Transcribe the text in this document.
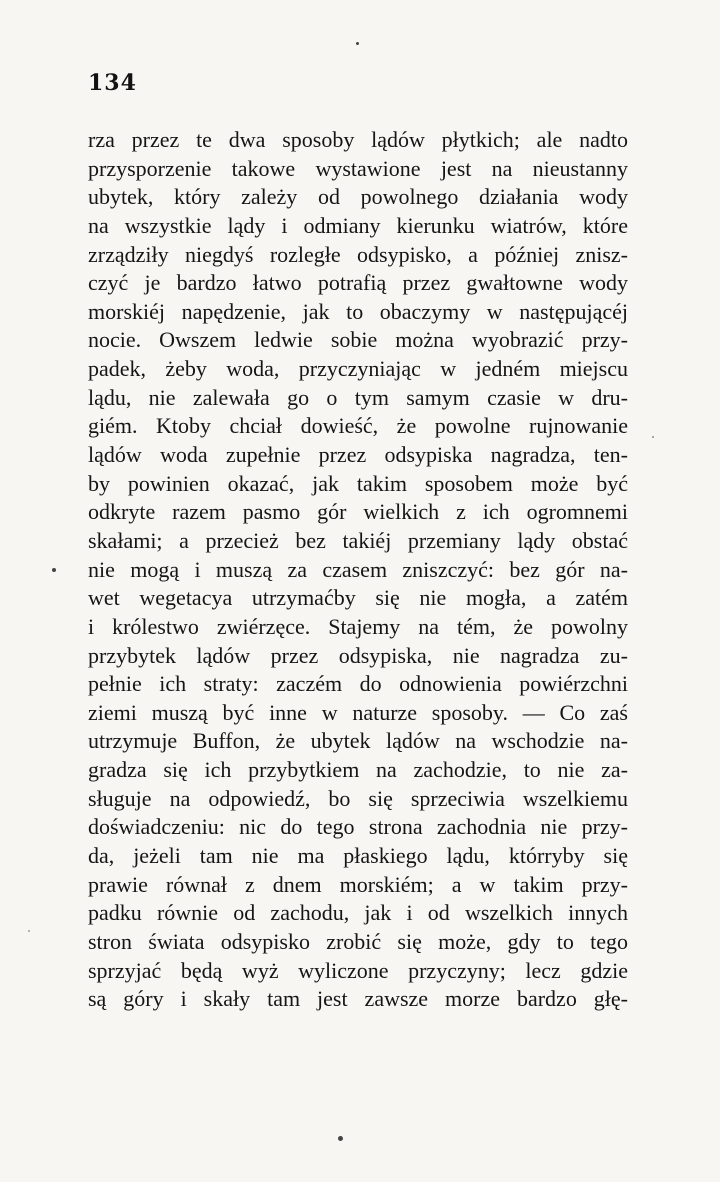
134
rza przez te dwa sposoby lądów płytkich; ale nadto
przysporzenie takowe wystawione jest na nieustanny
ubytek, który zależy od powolnego działania wody
na wszystkie lądy i odmiany kierunku wiatrów, które
zrządziły niegdyś rozległe odsypisko, a później znisz-
czyć je bardzo łatwo potrafią przez gwałtowne wody
morskiéj napędzenie, jak to obaczymy w następującéj
nocie. Owszem ledwie sobie można wyobrazić przy-
padek, żeby woda, przyczyniając w jedném miejscu
lądu, nie zalewała go o tym samym czasie w dru-
giém. Ktoby chciał dowieść, że powolne rujnowanie
lądów woda zupełnie przez odsypiska nagradza, ten-
by powinien okazać, jak takim sposobem może być
odkryte razem pasmo gór wielkich z ich ogromnemi
skałami; a przecież bez takiéj przemiany lądy obstać
nie mogą i muszą za czasem zniszczyć: bez gór na-
wet wegetacya utrzymaćby się nie mogła, a zatém
i królestwo zwiérzęce. Stajemy na tém, że powolny
przybytek lądów przez odsypiska, nie nagradza zu-
pełnie ich straty: zaczém do odnowienia powiérzchni
ziemi muszą być inne w naturze sposoby. — Co zaś
utrzymuje Buffon, że ubytek lądów na wschodzie na-
gradza się ich przybytkiem na zachodzie, to nie za-
sługuje na odpowiedź, bo się sprzeciwia wszelkiemu
doświadczeniu: nic do tego strona zachodnia nie przy-
da, jeżeli tam nie ma płaskiego lądu, którryby się
prawie równał z dnem morskiém; a w takim przy-
padku równie od zachodu, jak i od wszelkich innych
stron świata odsypisko zrobić się może, gdy to tego
sprzyjać będą wyż wyliczone przyczyny; lecz gdzie
są góry i skały tam jest zawsze morze bardzo głę-
